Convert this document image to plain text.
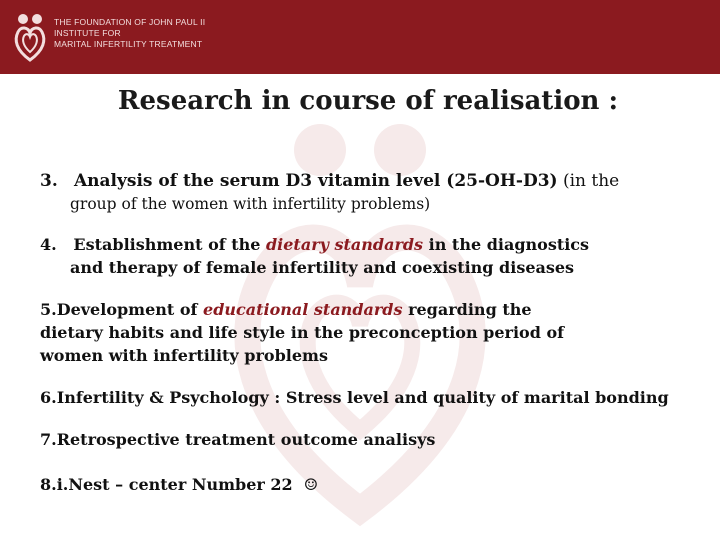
THE FOUNDATION OF JOHN PAUL II
INSTITUTE FOR
MARITAL INFERTILITY TREATMENT
Research in course of realisation :
3. Analysis of the serum D3 vitamin level (25-OH-D3) (in the
group of the women with infertility problems)
4. Establishment of the dietary standards in the diagnostics
and therapy of female infertility and coexisting diseases
5.Development of educational standards regarding the
dietary habits and life style in the preconception period of
women with infertility problems
6.Infertility & Psychology : Stress level and quality of marital bonding
7.Retrospective treatment outcome analisys
8.i.Nest – center Number 22 ☺
